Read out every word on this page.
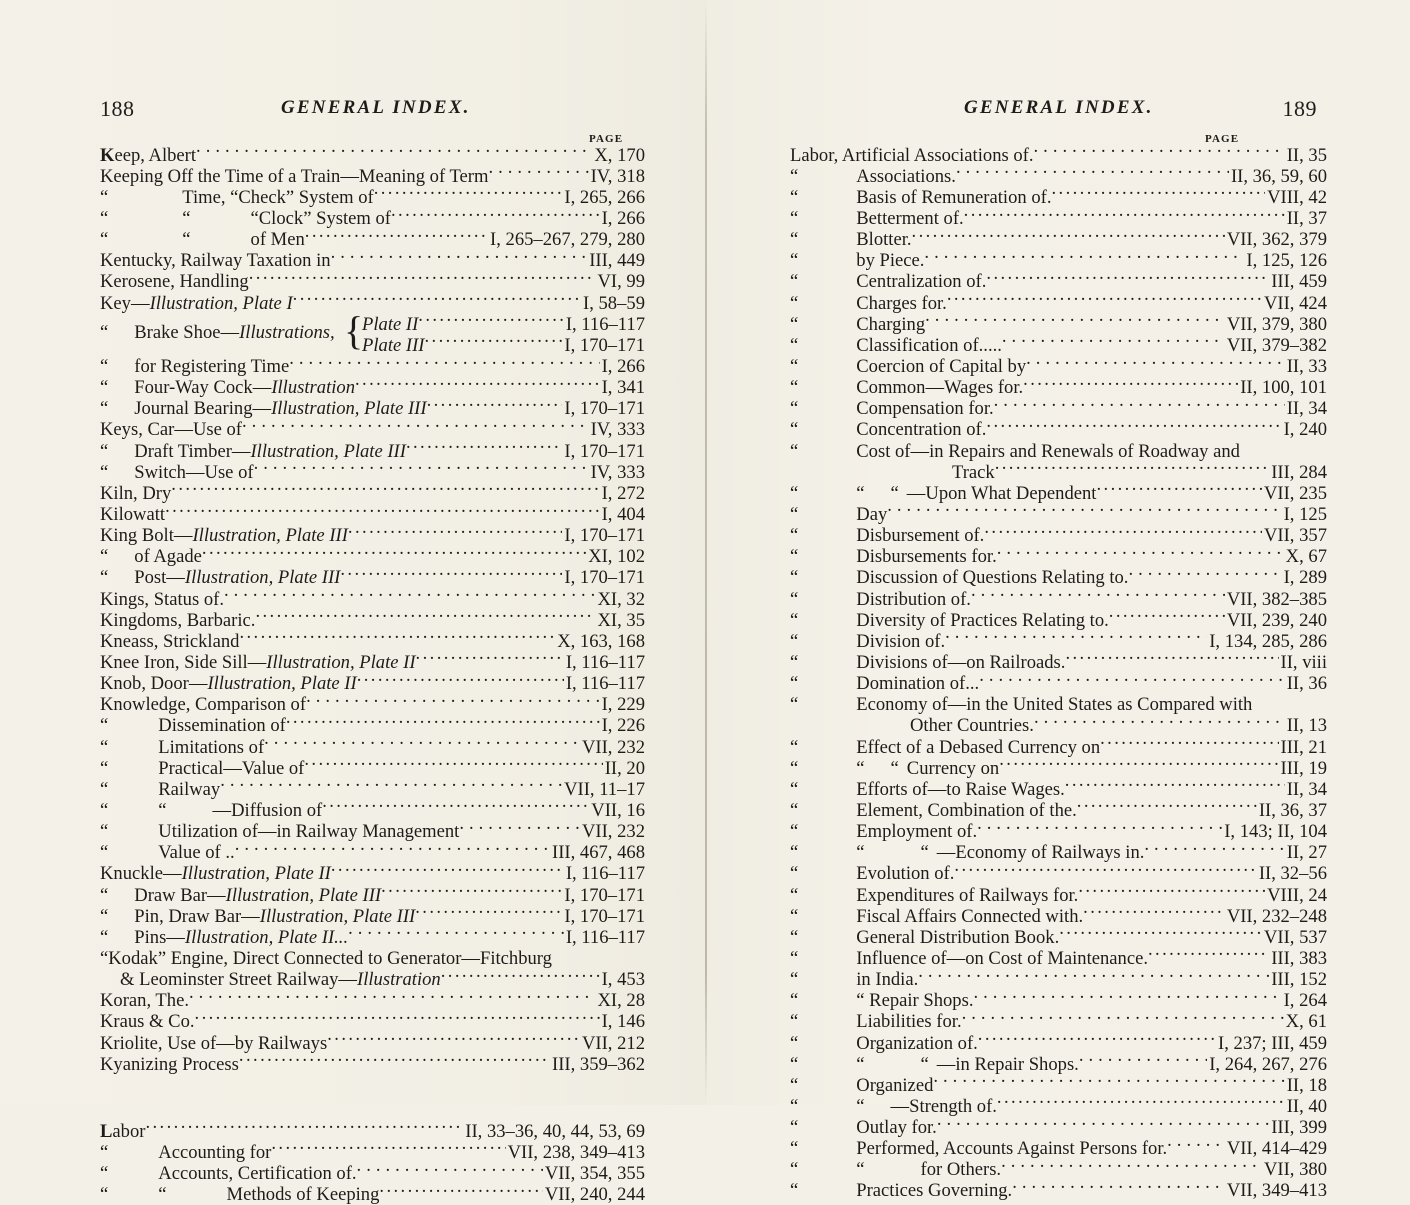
188	GENERAL INDEX.
PAGE
K eep, Albert .....	X, 170
Keeping Off the Time of a Train—Meaning of Term .....	IV, 318
“	Time, “Check” System of .....	I, 265, 266
“	“	“Clock” System of .....	I, 266
“	“	of Men .....	I, 265–267, 279, 280
Kentucky, Railway Taxation in .....	III, 449
Kerosene, Handling .....	VI, 99
Key— Illustration, Plate I .....	I, 58–59
“ Brake Shoe— Illustrations, {
Plate II .....	I, 116–117
Plate III .....	I, 170–171
“ for Registering Time .....	I, 266
“ Four-Way Cock— Illustration .....	I, 341
“ Journal Bearing— Illustration, Plate III .....	I, 170–171
Keys, Car—Use of .....	IV, 333
“ Draft Timber— Illustration, Plate III .....	I, 170–171
“ Switch—Use of .....	IV, 333
Kiln, Dry .....	I, 272
Kilowatt .....	I, 404
King Bolt— Illustration, Plate III .....	I, 170–171
“ of Agade .....	XI, 102
“ Post— Illustration, Plate III .....	I, 170–171
Kings, Status of. .....	XI, 32
Kingdoms, Barbaric. .....	XI, 35
Kneass, Strickland .....	X, 163, 168
Knee Iron, Side Sill— Illustration, Plate II .....	I, 116–117
Knob, Door— Illustration, Plate II .....	I, 116–117
Knowledge, Comparison of .....	I, 229
“	Dissemination of .....	I, 226
“	Limitations of .....	VII, 232
“	Practical—Value of .....	II, 20
“	Railway .....	VII, 11–17
“	“ —Diffusion of .....	VII, 16
“	Utilization of—in Railway Management .....	VII, 232
“	Value of .. .....	III, 467, 468
Knuckle— Illustration, Plate II .....	I, 116–117
“ Draw Bar— Illustration, Plate III .....	I, 170–171
“ Pin, Draw Bar— Illustration, Plate III .....	I, 170–171
“ Pins— Illustration, Plate II... .....	I, 116–117
“Kodak” Engine, Direct Connected to Generator—Fitchburg
& Leominster Street Railway— Illustration .....	I, 453
Koran, The. .....	XI, 28
Kraus & Co. .....	I, 146
Kriolite, Use of—by Railways .....	VII, 212
Kyanizing Process .....	III, 359–362
L abor .....	II, 33–36, 40, 44, 53, 69
“	Accounting for .....	VII, 238, 349–413
“	Accounts, Certification of. .....	VII, 354, 355
“	“	Methods of Keeping .....	VII, 240, 244
GENERAL INDEX.	189
PAGE
Labor, Artificial Associations of. .....	II, 35
“	Associations. .....	II, 36, 59, 60
“	Basis of Remuneration of. .....	VIII, 42
“	Betterment of. .....	II, 37
“	Blotter. .....	VII, 362, 379
“	by Piece. .....	I, 125, 126
“	Centralization of. .....	III, 459
“	Charges for. .....	VII, 424
“	Charging .....	VII, 379, 380
“	Classification of..... .....	VII, 379–382
“	Coercion of Capital by .....	II, 33
“	Common—Wages for. .....	II, 100, 101
“	Compensation for. .....	II, 34
“	Concentration of. .....	I, 240
“	Cost of—in Repairs and Renewals of Roadway and
Track .....	III, 284
“	“ “ —Upon What Dependent .....	VII, 235
“	Day .....	I, 125
“	Disbursement of. .....	VII, 357
“	Disbursements for. .....	X, 67
“	Discussion of Questions Relating to. .....	I, 289
“	Distribution of. .....	VII, 382–385
“	Diversity of Practices Relating to. .....	VII, 239, 240
“	Division of. .....	I, 134, 285, 286
“	Divisions of—on Railroads. .....	II, viii
“	Domination of... .....	II, 36
“	Economy of—in the United States as Compared with
Other Countries. .....	II, 13
“	Effect of a Debased Currency on .....	III, 21
“	“ “ Currency on .....	III, 19
“	Efforts of—to Raise Wages. .....	II, 34
“	Element, Combination of the. .....	II, 36, 37
“	Employment of. .....	I, 143; II, 104
“	“	“ —Economy of Railways in. .....	II, 27
“	Evolution of. .....	II, 32–56
“	Expenditures of Railways for. .....	VIII, 24
“	Fiscal Affairs Connected with. .....	VII, 232–248
“	General Distribution Book. .....	VII, 537
“	Influence of—on Cost of Maintenance. .....	III, 383
“	in India. .....	III, 152
“	“ Repair Shops. .....	I, 264
“	Liabilities for. .....	X, 61
“	Organization of. .....	I, 237; III, 459
“	“	“ —in Repair Shops. .....	I, 264, 267, 276
“	Organized .....	II, 18
“	“ —Strength of. .....	II, 40
“	Outlay for. .....	III, 399
“	Performed, Accounts Against Persons for. .....	VII, 414–429
“	“	for Others. .....	VII, 380
“	Practices Governing. .....	VII, 349–413
